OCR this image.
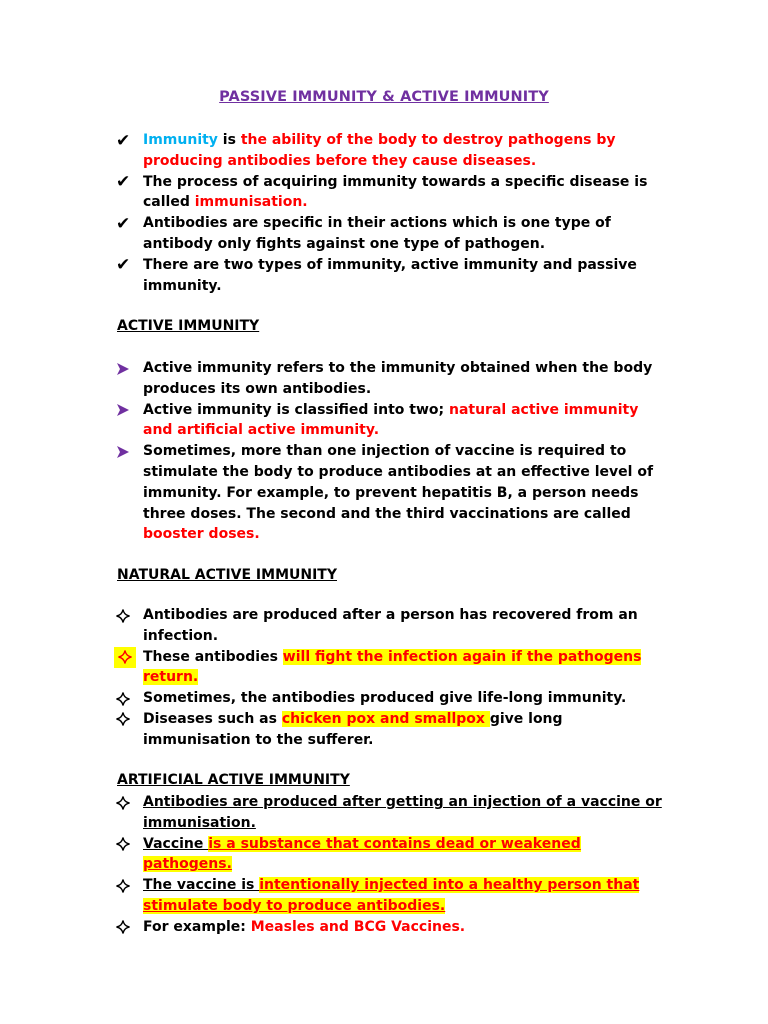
PASSIVE IMMUNITY & ACTIVE IMMUNITY
✔ Immunity is the ability of the body to destroy pathogens by producing antibodies before they cause diseases.
✔ The process of acquiring immunity towards a specific disease is called immunisation.
✔ Antibodies are specific in their actions which is one type of antibody only fights against one type of pathogen.
✔ There are two types of immunity, active immunity and passive immunity.
ACTIVE IMMUNITY
Active immunity refers to the immunity obtained when the body produces its own antibodies.
Active immunity is classified into two; natural active immunity and artificial active immunity.
Sometimes, more than one injection of vaccine is required to stimulate the body to produce antibodies at an effective level of immunity. For example, to prevent hepatitis B, a person needs three doses. The second and the third vaccinations are called booster doses.
NATURAL ACTIVE IMMUNITY
Antibodies are produced after a person has recovered from an infection.
These antibodies will fight the infection again if the pathogens return.
Sometimes, the antibodies produced give life-long immunity.
Diseases such as chicken pox and smallpox give long immunisation to the sufferer.
ARTIFICIAL ACTIVE IMMUNITY
Antibodies are produced after getting an injection of a vaccine or immunisation.
Vaccine is a substance that contains dead or weakened pathogens.
The vaccine is intentionally injected into a healthy person that stimulate body to produce antibodies.
For example: Measles and BCG Vaccines.
